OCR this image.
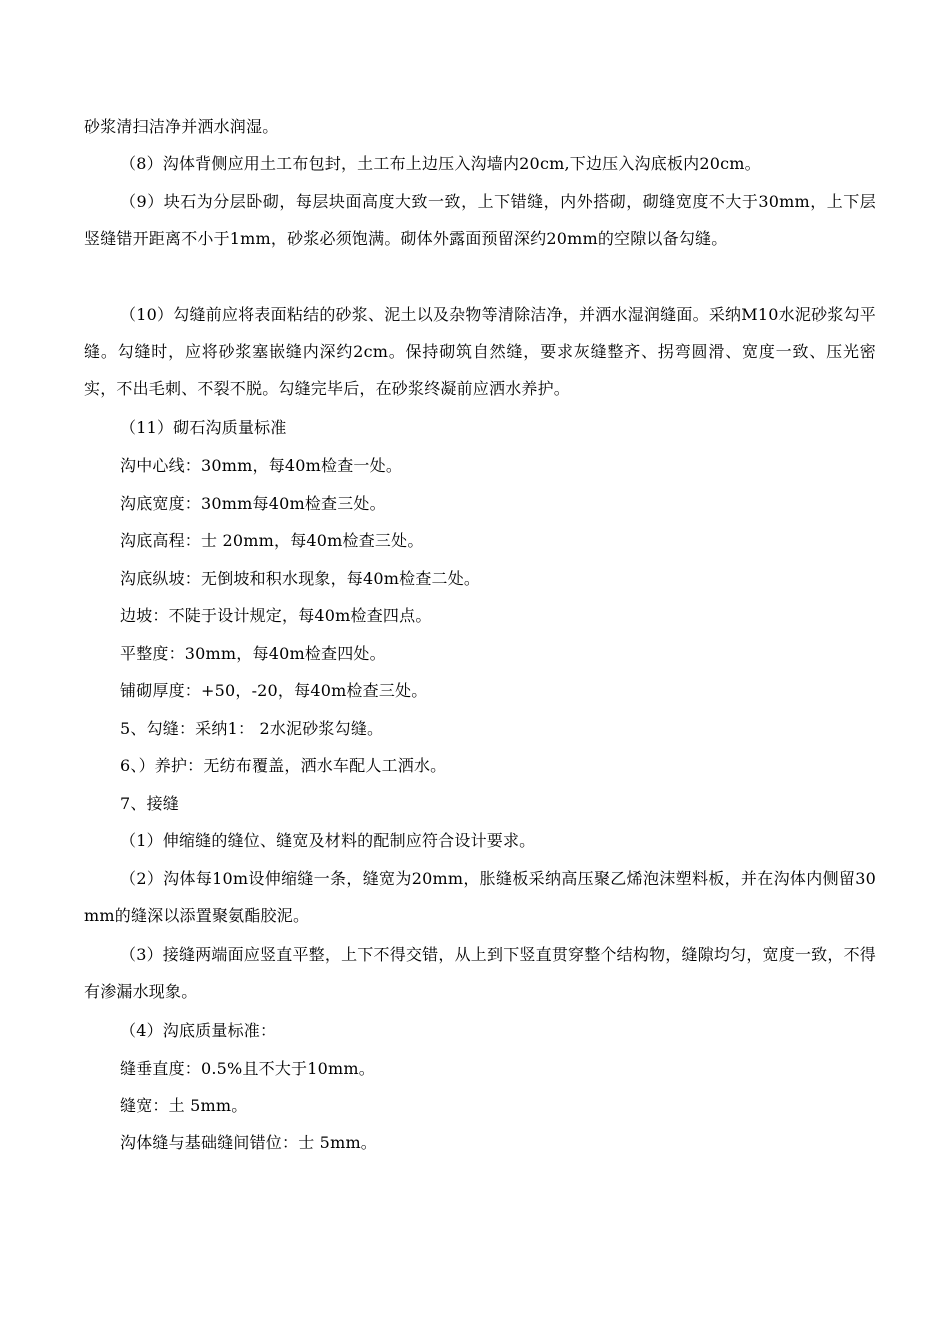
砂浆清扫洁净并洒水润湿。

（8）沟体背侧应用土工布包封，土工布上边压入沟墙内20cm,下边压入沟底板内20cm。

（9）块石为分层卧砌，每层块面高度大致一致，上下错缝，内外搭砌，砌缝宽度不大于30mm，上下层竖缝错开距离不小于1mm，砂浆必须饱满。砌体外露面预留深约20mm的空隙以备勾缝。

（10）勾缝前应将表面粘结的砂浆、泥土以及杂物等清除洁净，并洒水湿润缝面。采纳M10水泥砂浆勾平缝。勾缝时，应将砂浆塞嵌缝内深约2cm。保持砌筑自然缝，要求灰缝整齐、拐弯圆滑、宽度一致、压光密实，不出毛刺、不裂不脱。勾缝完毕后，在砂浆终凝前应洒水养护。

（11）砌石沟质量标准

沟中心线：30mm，每40m检查一处。

沟底宽度：30mm每40m检查三处。

沟底高程：士 20mm，每40m检查三处。

沟底纵坡：无倒坡和积水现象，每40m检查二处。

边坡：不陡于设计规定，每40m检查四点。

平整度：30mm，每40m检查四处。

铺砌厚度：+50，-20，每40m检查三处。

5、勾缝：采纳1： 2水泥砂浆勾缝。

6、）养护：无纺布覆盖，洒水车配人工洒水。

7、接缝

（1）伸缩缝的缝位、缝宽及材料的配制应符合设计要求。

（2）沟体每10m设伸缩缝一条，缝宽为20mm，胀缝板采纳高压聚乙烯泡沫塑料板，并在沟体内侧留30mm的缝深以添置聚氨酯胶泥。

（3）接缝两端面应竖直平整，上下不得交错，从上到下竖直贯穿整个结构物，缝隙均匀，宽度一致，不得有渗漏水现象。

（4）沟底质量标准：

缝垂直度：0.5%且不大于10mm。

缝宽：土 5mm。

沟体缝与基础缝间错位：士 5mm。
